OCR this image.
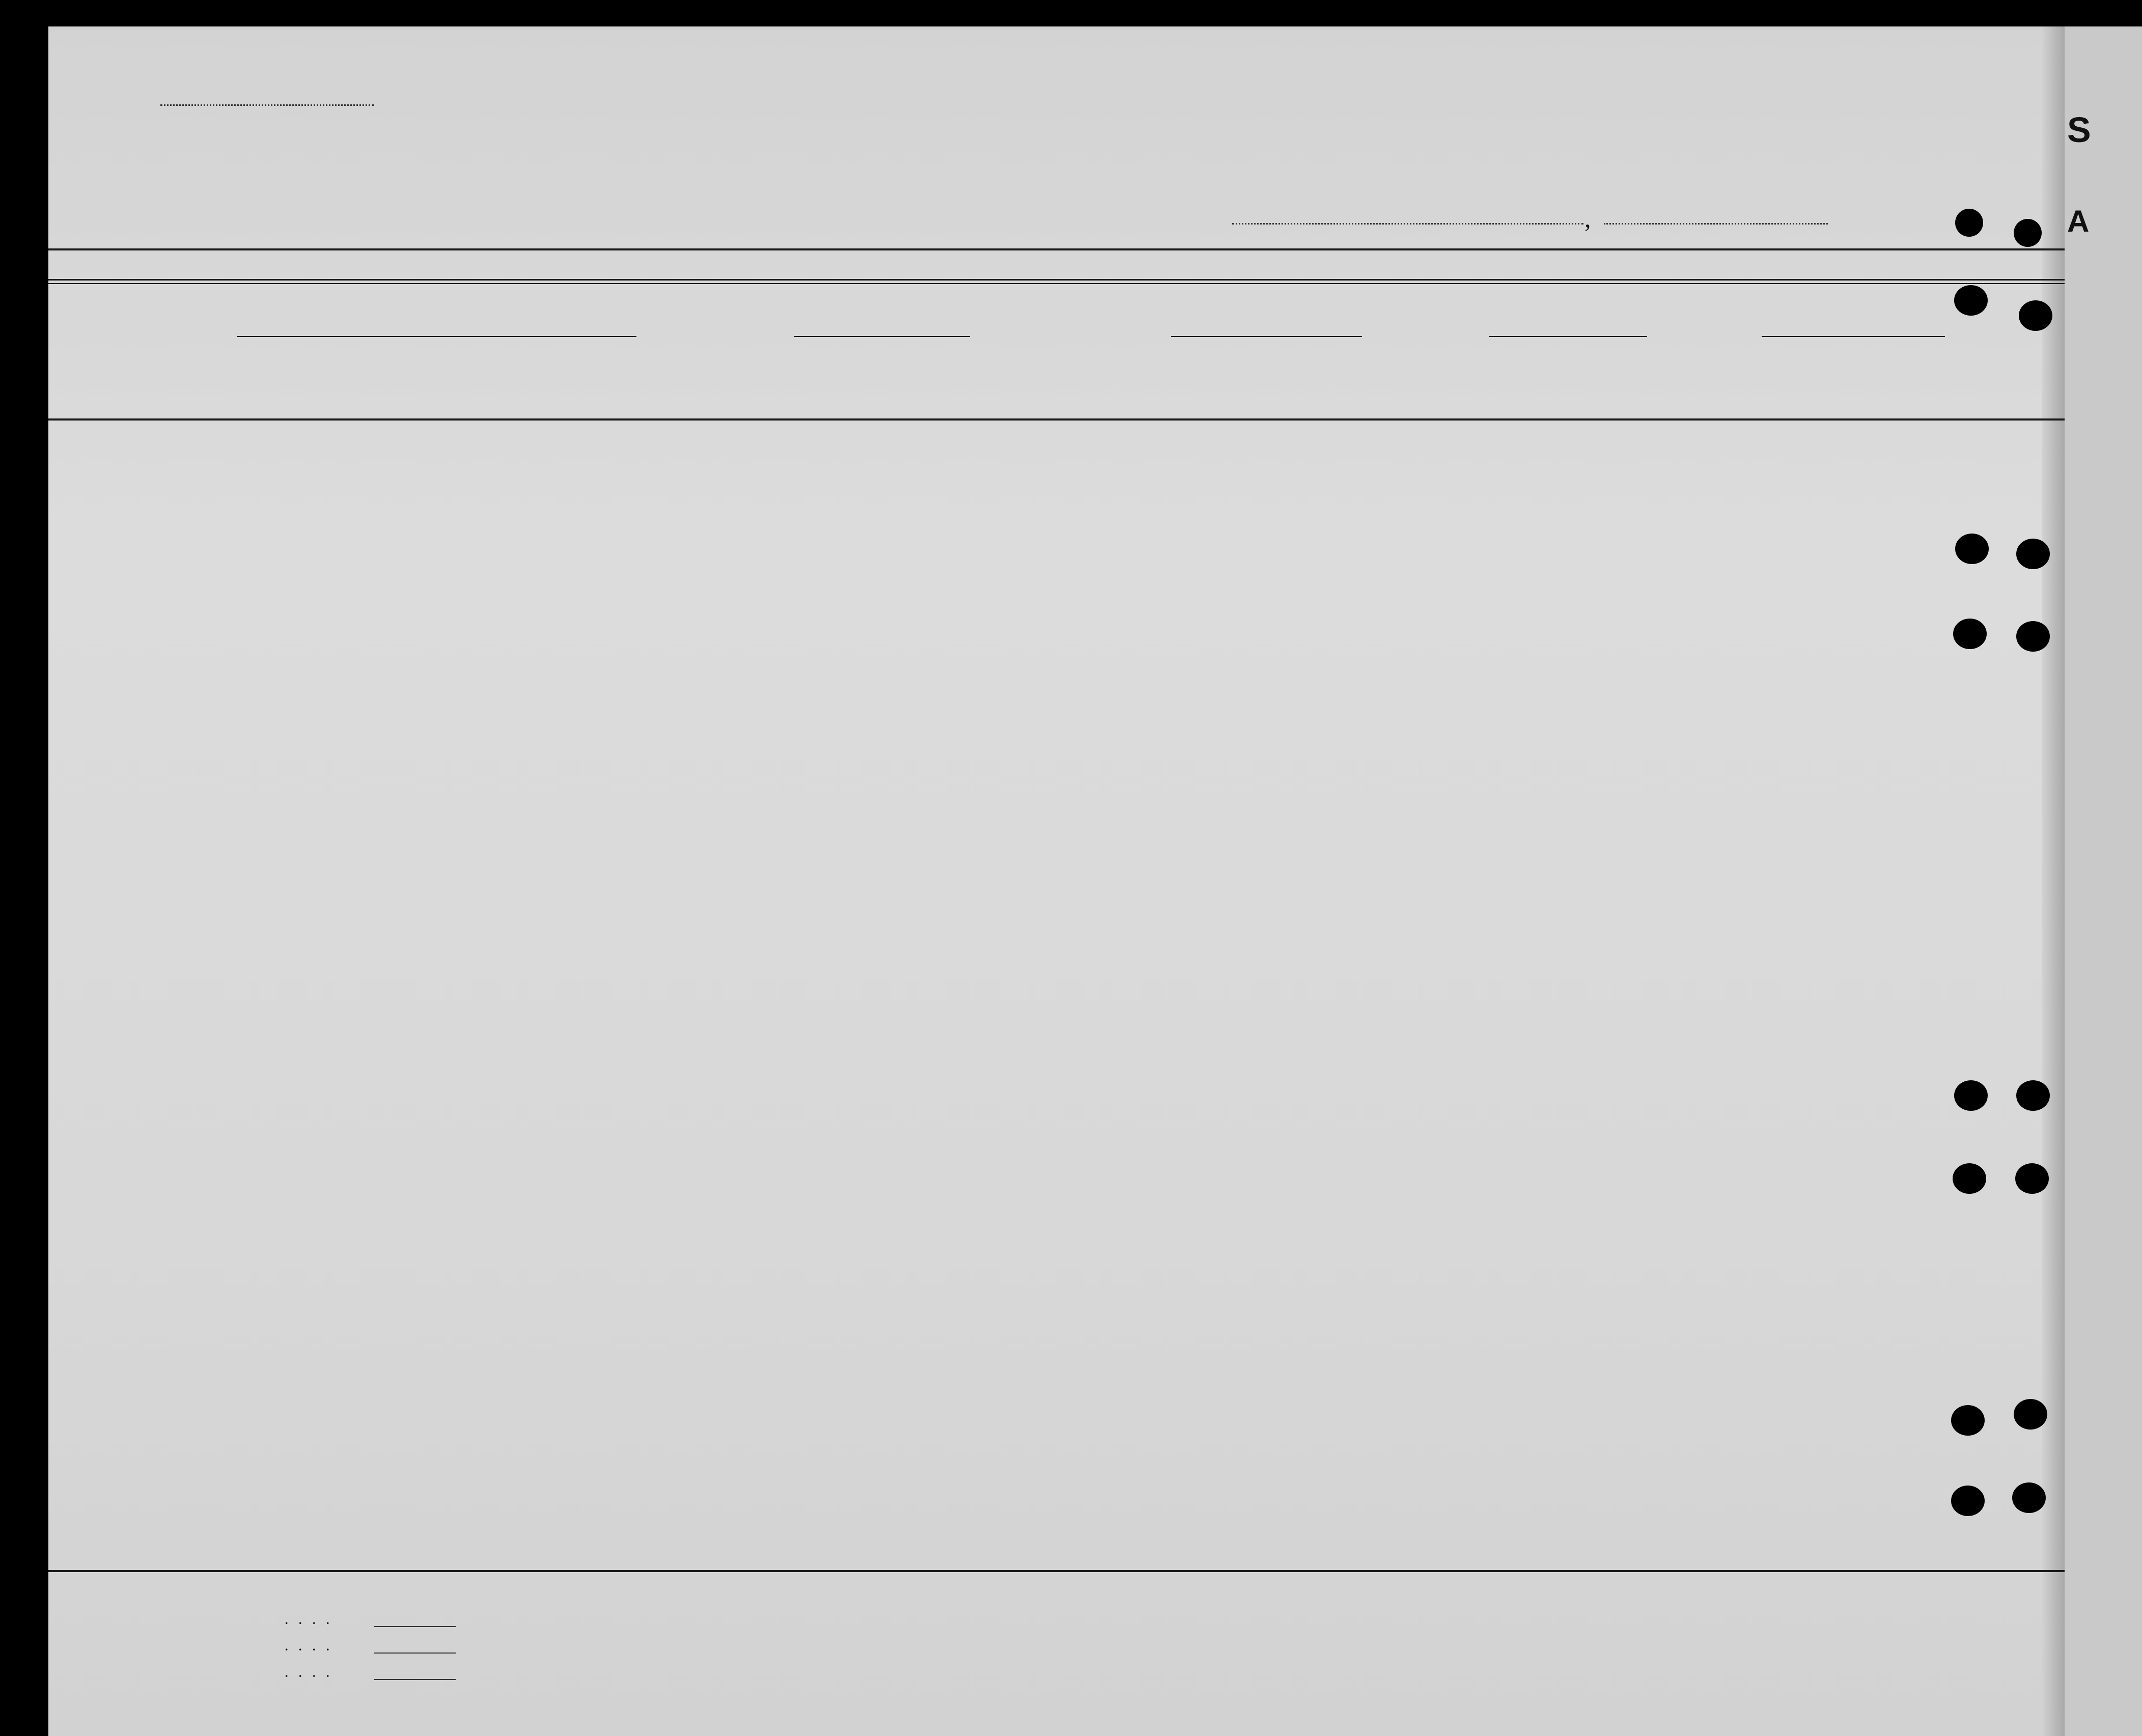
S
A
,
. . . .
. . . .
. . . .
